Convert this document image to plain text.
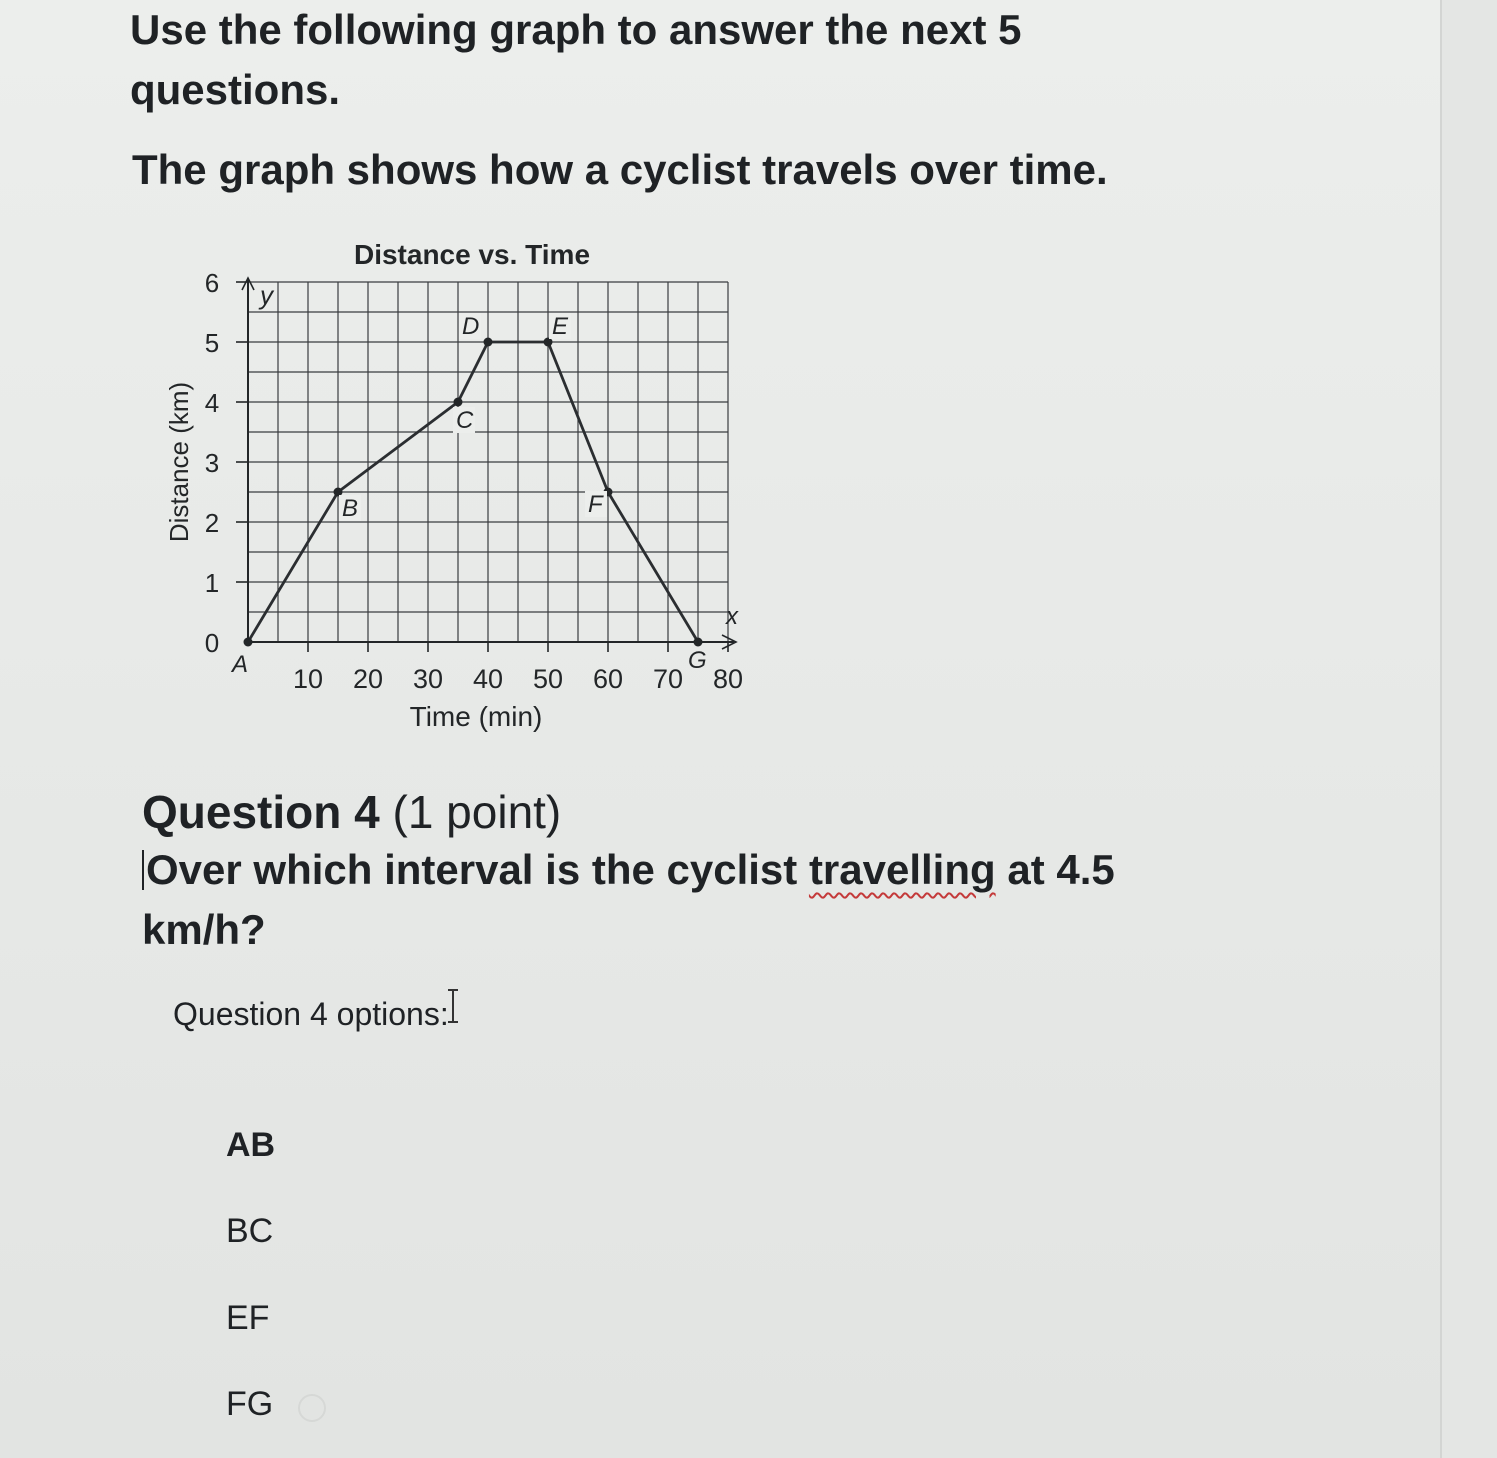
Use the following graph to answer the next 5 questions.
The graph shows how a cyclist travels over time.
0
1
2
3
4
5
6
10 20 30 40 50 60 70 80
y
x
Distance vs. Time
Time (min)
Distance (km)
A
B
C
D	E
F
G
Question 4 (1 point)
Over which interval is the cyclist travelling at 4.5 km/h?
Question 4 options:
AB
BC
EF
FG
